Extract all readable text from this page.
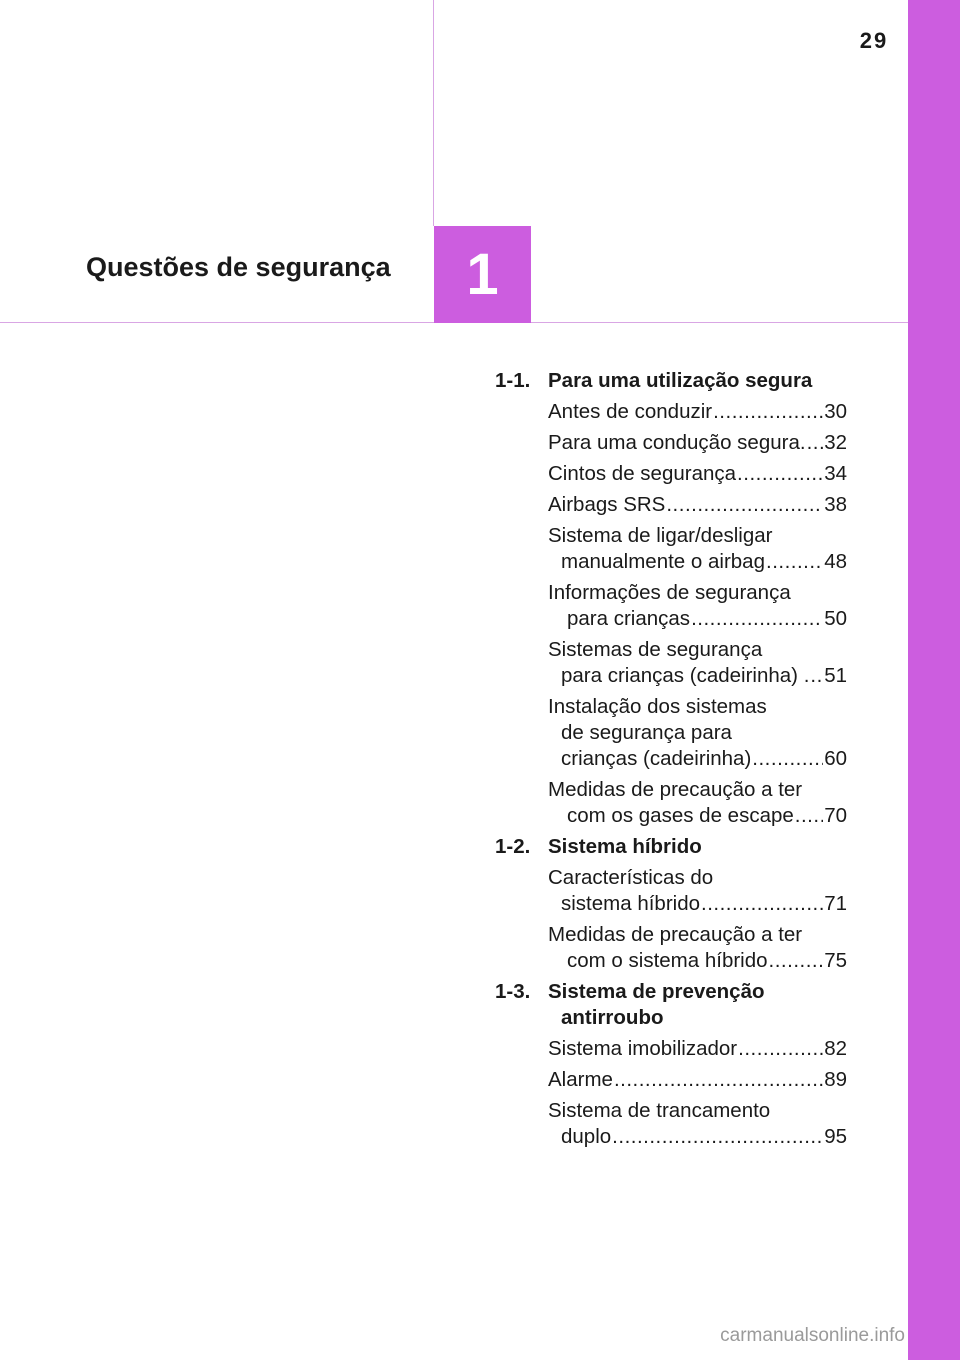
29
Questões de segurança	1
1-1. Para uma utilização segura
Antes de conduzir .....	30
Para uma condução segura. ..... 32
Cintos de segurança .....	34
Airbags SRS .....	38
Sistema de ligar/desligar
manualmente o airbag .....	48
Informações de segurança
para crianças .....	50
Sistemas de segurança
para crianças (cadeirinha) . ..... 51
Instalação dos sistemas
de segurança para
crianças (cadeirinha) .....	60
Medidas de precaução a ter
com os gases de escape ..... 70
1-2. Sistema híbrido
Características do
sistema híbrido .....	71
Medidas de precaução a ter
com o sistema híbrido .....	75
1-3. Sistema de prevenção
antirroubo
Sistema imobilizador .....	82
Alarme .....	89
Sistema de trancamento
duplo .....	95
carmanualsonline.info
